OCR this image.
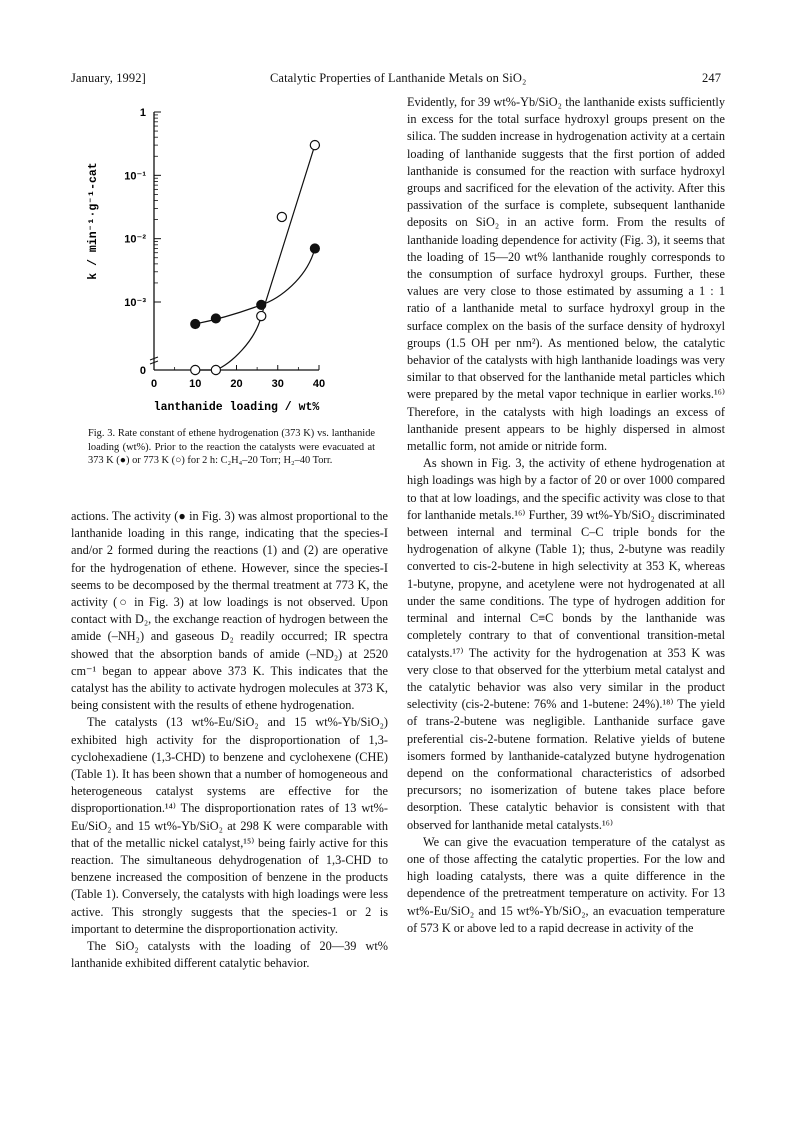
January, 1992]	Catalytic Properties of Lanthanide Metals on SiO₂	247
0	10	20	30	40
0
10⁻³
10⁻²
10⁻¹
1
lanthanide loading / wt%
k / min⁻¹·g⁻¹-cat
Fig. 3. Rate constant of ethene hydrogenation (373 K) vs. lanthanide loading (wt%). Prior to the reaction the catalysts were evacuated at 373 K (●) or 773 K (○) for 2 h: C₂H₄–20 Torr; H₂–40 Torr.

actions. The activity (● in Fig. 3) was almost proportional to the lanthanide loading in this range, indicating that the species-I and/or 2 formed during the reactions (1) and (2) are operative for the hydrogenation of ethene. However, since the species-I seems to be decomposed by the thermal treatment at 773 K, the activity (○ in Fig. 3) at low loadings is not observed. Upon contact with D₂, the exchange reaction of hydrogen between the amide (–NH₂) and gaseous D₂ readily occurred; IR spectra showed that the absorption bands of amide (–ND₂) at 2520 cm⁻¹ began to appear above 373 K. This indicates that the catalyst has the ability to activate hydrogen molecules at 373 K, being consistent with the results of ethene hydrogenation.

The catalysts (13 wt%-Eu/SiO₂ and 15 wt%-Yb/SiO₂) exhibited high activity for the disproportionation of 1,3-cyclohexadiene (1,3-CHD) to benzene and cyclohexene (CHE) (Table 1). It has been shown that a number of homogeneous and heterogeneous catalyst systems are effective for the disproportionation.¹⁴⁾ The disproportionation rates of 13 wt%-Eu/SiO₂ and 15 wt%-Yb/SiO₂ at 298 K were comparable with that of the metallic nickel catalyst,¹⁵⁾ being fairly active for this reaction. The simultaneous dehydrogenation of 1,3-CHD to benzene increased the composition of benzene in the products (Table 1). Conversely, the catalysts with high loadings were less active. This strongly suggests that the species-1 or 2 is important to determine the disproportionation activity.

The SiO₂ catalysts with the loading of 20—39 wt% lanthanide exhibited different catalytic behavior.

Evidently, for 39 wt%-Yb/SiO₂ the lanthanide exists sufficiently in excess for the total surface hydroxyl groups present on the silica. The sudden increase in hydrogenation activity at a certain loading of lanthanide suggests that the first portion of added lanthanide is consumed for the reaction with surface hydroxyl groups and sacrificed for the elevation of the activity. After this passivation of the surface is complete, subsequent lanthanide deposits on SiO₂ in an active form. From the results of lanthanide loading dependence for activity (Fig. 3), it seems that the loading of 15—20 wt% lanthanide roughly corresponds to the consumption of surface hydroxyl groups. Further, these values are very close to those estimated by assuming a 1 : 1 ratio of a lanthanide metal to surface hydroxyl group in the surface complex on the basis of the surface density of hydroxyl groups (1.5 OH per nm²). As mentioned below, the catalytic behavior of the catalysts with high lanthanide loadings was very similar to that observed for the lanthanide metal particles which were prepared by the metal vapor technique in earlier works.¹⁶⁾ Therefore, in the catalysts with high loadings an excess of lanthanide present appears to be highly dispersed in almost metallic form, not amide or nitride form.

As shown in Fig. 3, the activity of ethene hydrogenation at high loadings was high by a factor of 20 or over 1000 compared to that at low loadings, and the specific activity was close to that for lanthanide metals.¹⁶⁾ Further, 39 wt%-Yb/SiO₂ discriminated between internal and terminal C–C triple bonds for the hydrogenation of alkyne (Table 1); thus, 2-butyne was readily converted to cis-2-butene in high selectivity at 353 K, whereas 1-butyne, propyne, and acetylene were not hydrogenated at all under the same conditions. The type of hydrogen addition for terminal and internal C≡C bonds by the lanthanide was completely contrary to that of conventional transition-metal catalysts.¹⁷⁾ The activity for the hydrogenation at 353 K was very close to that observed for the ytterbium metal catalyst and the catalytic behavior was also very similar in the product selectivity (cis-2-butene: 76% and 1-butene: 24%).¹⁸⁾ The yield of trans-2-butene was negligible. Lanthanide surface gave preferential cis-2-butene formation. Relative yields of butene isomers formed by lanthanide-catalyzed butyne hydrogenation depend on the conformational characteristics of adsorbed precursors; no isomerization of butene takes place before desorption. These catalytic behavior is consistent with that observed for lanthanide metal catalysts.¹⁶⁾

We can give the evacuation temperature of the catalyst as one of those affecting the catalytic properties. For the low and high loading catalysts, there was a quite difference in the dependence of the pretreatment temperature on activity. For 13 wt%-Eu/SiO₂ and 15 wt%-Yb/SiO₂, an evacuation temperature of 573 K or above led to a rapid decrease in activity of the
